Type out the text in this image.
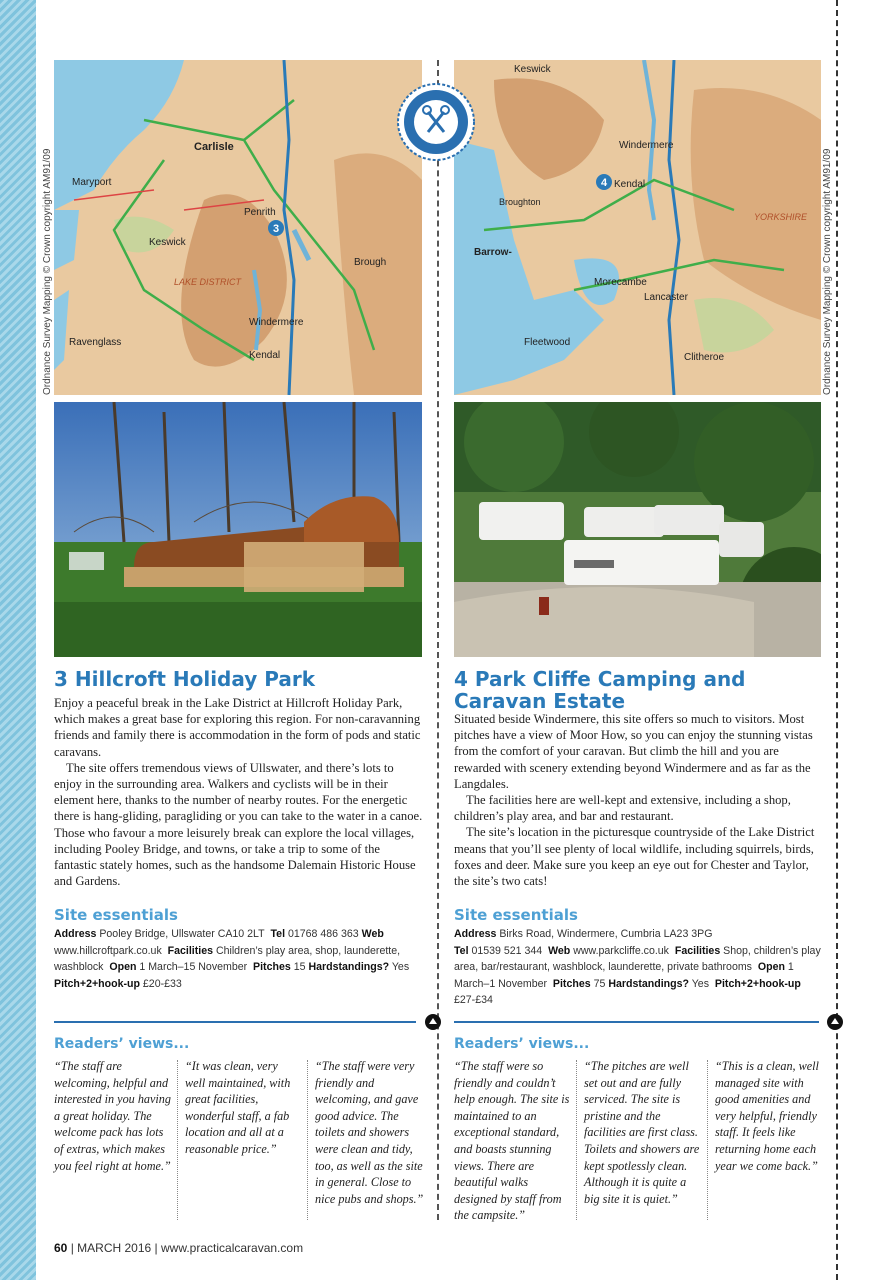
Carlisle
Penrith
Keswick
LAKE DISTRICT
Windermere
Kendal
Brough
Maryport
Ravenglass
3
Ordnance Survey Mapping © Crown copyright AM91/09
Keswick
Windermere
Kendal
Broughton
Barrow-
Morecambe
Lancaster
Fleetwood
Clitheroe
YORKSHIRE
4	Ordnance Survey Mapping © Crown copyright AM91/09
3 Hillcroft Holiday Park

Enjoy a peaceful break in the Lake District at Hillcroft Holiday Park, which makes a great base for exploring this region. For non-caravanning friends and family there is accommodation in the form of pods and static caravans.

The site offers tremendous views of Ullswater, and there’s lots to enjoy in the surrounding area. Walkers and cyclists will be in their element here, thanks to the number of nearby routes. For the energetic there is hang-gliding, paragliding or you can take to the water in a canoe. Those who favour a more leisurely break can explore the local villages, including Pooley Bridge, and towns, or take a trip to some of the fantastic stately homes, such as the handsome Dalemain Historic House and Gardens.

Site essentials
Address Pooley Bridge, Ullswater CA10 2LT Tel 01768 486 363 Web www.hillcroftpark.co.uk Facilities Children’s play area, shop, launderette, washblock Open 1 March–15 November Pitches 15 Hardstandings? Yes  Pitch+2+hook-up £20-£33
Readers’ views...

“The staff are welcoming, helpful and interested in you having a great holiday. The welcome pack has lots of extras, which makes you feel right at home.”

“It was clean, very well maintained, with great facilities, wonderful staff, a fab location and all at a reasonable price.”

“The staff were very friendly and welcoming, and gave good advice. The toilets and showers were clean and tidy, too, as well as the site in general. Close to nice pubs and shops.”

4 Park Cliffe Camping and Caravan Estate

Situated beside Windermere, this site offers so much to visitors. Most pitches have a view of Moor How, so you can enjoy the stunning vistas from the comfort of your caravan. But climb the hill and you are rewarded with scenery extending beyond Windermere and as far as the Langdales.

The facilities here are well-kept and extensive, including a shop, children’s play area, and bar and restaurant.

The site’s location in the picturesque countryside of the Lake District means that you’ll see plenty of local wildlife, including squirrels, birds, foxes and deer. Make sure you keep an eye out for Chester and Taylor, the site’s two cats!

Site essentials
Address Birks Road, Windermere, Cumbria LA23 3PG
Tel 01539 521 344 Web www.parkcliffe.co.uk Facilities Shop, children’s play area, bar/restaurant, washblock, launderette, private bathrooms Open 1 March–1 November Pitches 75 Hardstandings? Yes Pitch+2+hook-up £27-£34
Readers’ views...

“The staff were so friendly and couldn’t help enough. The site is maintained to an exceptional standard, and boasts stunning views. There are beautiful walks designed by staff from the campsite.”

“The pitches are well set out and are fully serviced. The site is pristine and the facilities are first class. Toilets and showers are kept spotlessly clean. Although it is quite a big site it is quiet.”

“This is a clean, well managed site with good amenities and very helpful, friendly staff. It feels like returning home each year we come back.”

60 | MARCH 2016 | www.practicalcaravan.com
